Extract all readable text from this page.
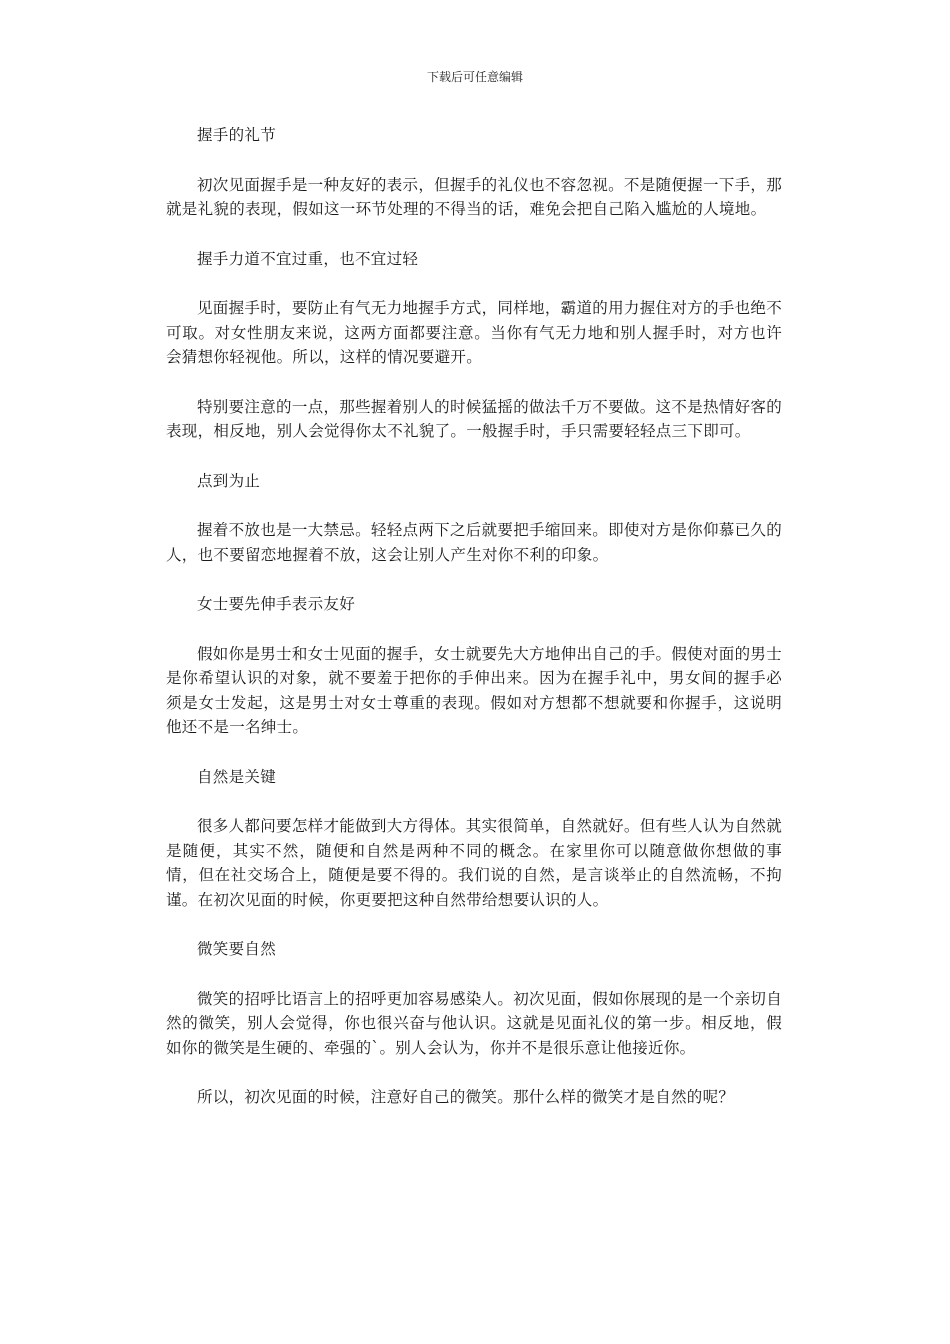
下载后可任意编辑

握手的礼节

初次见面握手是一种友好的表示，但握手的礼仪也不容忽视。不是随便握一下手，那就是礼貌的表现，假如这一环节处理的不得当的话，难免会把自己陷入尴尬的人境地。

握手力道不宜过重，也不宜过轻

见面握手时，要防止有气无力地握手方式，同样地，霸道的用力握住对方的手也绝不可取。对女性朋友来说，这两方面都要注意。当你有气无力地和别人握手时，对方也许会猜想你轻视他。所以，这样的情况要避开。

特别要注意的一点，那些握着别人的时候猛摇的做法千万不要做。这不是热情好客的表现，相反地，别人会觉得你太不礼貌了。一般握手时，手只需要轻轻点三下即可。

点到为止

握着不放也是一大禁忌。轻轻点两下之后就要把手缩回来。即使对方是你仰慕已久的人，也不要留恋地握着不放，这会让别人产生对你不利的印象。

女士要先伸手表示友好

假如你是男士和女士见面的握手，女士就要先大方地伸出自己的手。假使对面的男士是你希望认识的对象，就不要羞于把你的手伸出来。因为在握手礼中，男女间的握手必须是女士发起，这是男士对女士尊重的表现。假如对方想都不想就要和你握手，这说明他还不是一名绅士。

自然是关键

很多人都问要怎样才能做到大方得体。其实很简单，自然就好。但有些人认为自然就是随便，其实不然，随便和自然是两种不同的概念。在家里你可以随意做你想做的事情，但在社交场合上，随便是要不得的。我们说的自然，是言谈举止的自然流畅，不拘谨。在初次见面的时候，你更要把这种自然带给想要认识的人。

微笑要自然

微笑的招呼比语言上的招呼更加容易感染人。初次见面，假如你展现的是一个亲切自然的微笑，别人会觉得，你也很兴奋与他认识。这就是见面礼仪的第一步。相反地，假如你的微笑是生硬的、牵强的`。别人会认为，你并不是很乐意让他接近你。

所以，初次见面的时候，注意好自己的微笑。那什么样的微笑才是自然的呢？
